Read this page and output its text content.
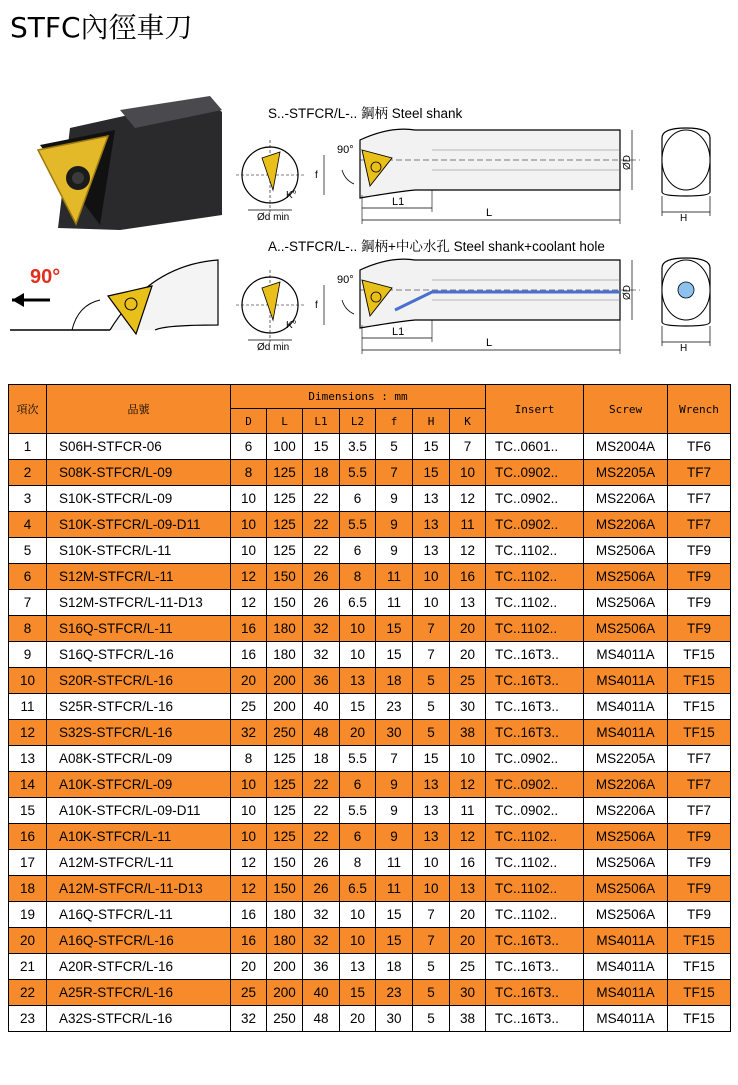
STFC內徑車刀
90°
S..-STFCR/L-.. 鋼柄 Steel shank
K°
Ød min
f
90°
L1
L
ØD
H
A..-STFCR/L-.. 鋼柄+中心水孔 Steel shank+coolant hole
K°
Ød min
f
90°
L1
L
ØD
H
項次	品號	Dimensions : mm							Insert	Screw	Wrench
		D	L	L1	L2	f	H	K			
1	S06H-STFCR-06	6	100	15	3.5	5	15	7	TC..0601..	MS2004A	TF6
2	S08K-STFCR/L-09	8	125	18	5.5	7	15	10	TC..0902..	MS2205A	TF7
3	S10K-STFCR/L-09	10	125	22	6	9	13	12	TC..0902..	MS2206A	TF7
4	S10K-STFCR/L-09-D11	10	125	22	5.5	9	13	11	TC..0902..	MS2206A	TF7
5	S10K-STFCR/L-11	10	125	22	6	9	13	12	TC..1102..	MS2506A	TF9
6	S12M-STFCR/L-11	12	150	26	8	11	10	16	TC..1102..	MS2506A	TF9
7	S12M-STFCR/L-11-D13	12	150	26	6.5	11	10	13	TC..1102..	MS2506A	TF9
8	S16Q-STFCR/L-11	16	180	32	10	15	7	20	TC..1102..	MS2506A	TF9
9	S16Q-STFCR/L-16	16	180	32	10	15	7	20	TC..16T3..	MS4011A	TF15
10	S20R-STFCR/L-16	20	200	36	13	18	5	25	TC..16T3..	MS4011A	TF15
11	S25R-STFCR/L-16	25	200	40	15	23	5	30	TC..16T3..	MS4011A	TF15
12	S32S-STFCR/L-16	32	250	48	20	30	5	38	TC..16T3..	MS4011A	TF15
13	A08K-STFCR/L-09	8	125	18	5.5	7	15	10	TC..0902..	MS2205A	TF7
14	A10K-STFCR/L-09	10	125	22	6	9	13	12	TC..0902..	MS2206A	TF7
15	A10K-STFCR/L-09-D11	10	125	22	5.5	9	13	11	TC..0902..	MS2206A	TF7
16	A10K-STFCR/L-11	10	125	22	6	9	13	12	TC..1102..	MS2506A	TF9
17	A12M-STFCR/L-11	12	150	26	8	11	10	16	TC..1102..	MS2506A	TF9
18	A12M-STFCR/L-11-D13	12	150	26	6.5	11	10	13	TC..1102..	MS2506A	TF9
19	A16Q-STFCR/L-11	16	180	32	10	15	7	20	TC..1102..	MS2506A	TF9
20	A16Q-STFCR/L-16	16	180	32	10	15	7	20	TC..16T3..	MS4011A	TF15
21	A20R-STFCR/L-16	20	200	36	13	18	5	25	TC..16T3..	MS4011A	TF15
22	A25R-STFCR/L-16	25	200	40	15	23	5	30	TC..16T3..	MS4011A	TF15
23	A32S-STFCR/L-16	32	250	48	20	30	5	38	TC..16T3..	MS4011A	TF15
